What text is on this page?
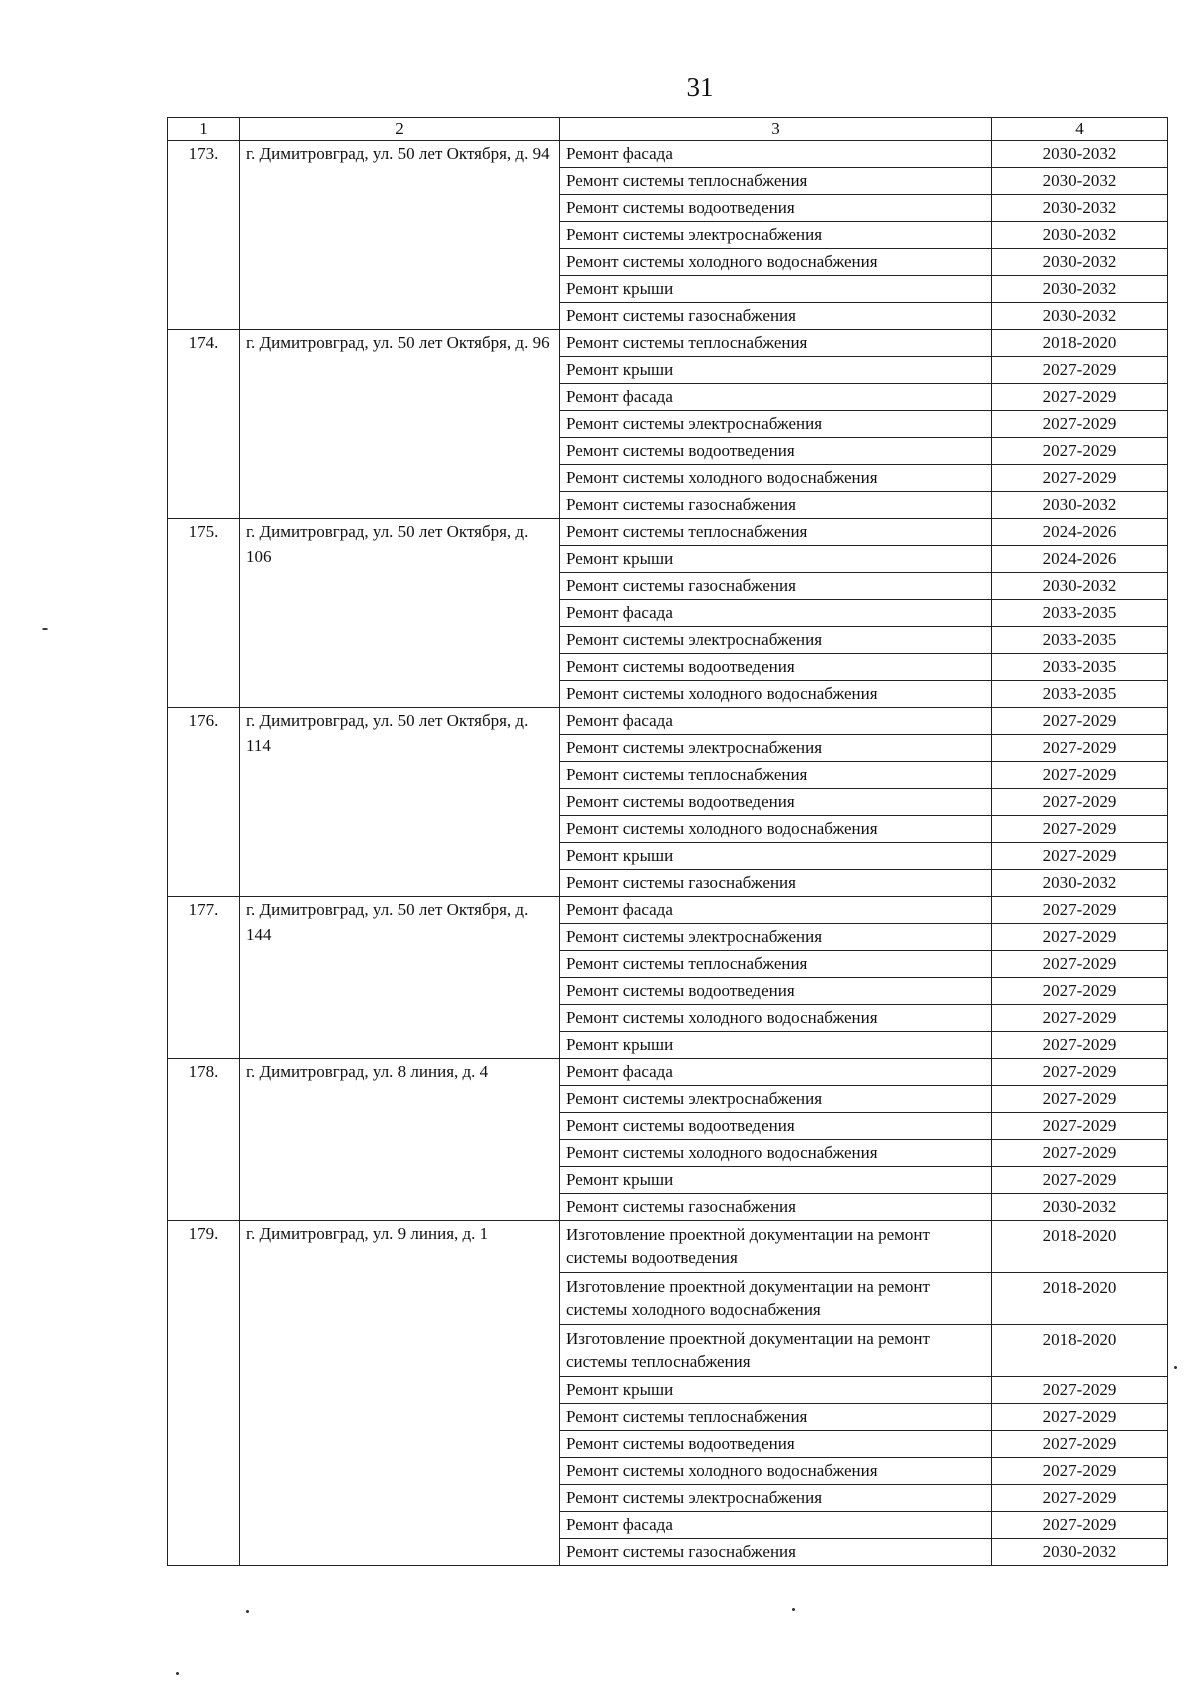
31
1	2	3	4
173.	г. Димитровград, ул. 50 лет Октября, д. 94	Ремонт фасада	2030-2032
		Ремонт системы теплоснабжения	2030-2032
		Ремонт системы водоотведения	2030-2032
		Ремонт системы электроснабжения	2030-2032
		Ремонт системы холодного водоснабжения	2030-2032
		Ремонт крыши	2030-2032
		Ремонт системы газоснабжения	2030-2032
174.	г. Димитровград, ул. 50 лет Октября, д. 96	Ремонт системы теплоснабжения	2018-2020
		Ремонт крыши	2027-2029
		Ремонт фасада	2027-2029
		Ремонт системы электроснабжения	2027-2029
		Ремонт системы водоотведения	2027-2029
		Ремонт системы холодного водоснабжения	2027-2029
		Ремонт системы газоснабжения	2030-2032
175.	г. Димитровград, ул. 50 лет Октября, д. 106	Ремонт системы теплоснабжения	2024-2026
		Ремонт крыши	2024-2026
		Ремонт системы газоснабжения	2030-2032
		Ремонт фасада	2033-2035
		Ремонт системы электроснабжения	2033-2035
		Ремонт системы водоотведения	2033-2035
		Ремонт системы холодного водоснабжения	2033-2035
176.	г. Димитровград, ул. 50 лет Октября, д. 114	Ремонт фасада	2027-2029
		Ремонт системы электроснабжения	2027-2029
		Ремонт системы теплоснабжения	2027-2029
		Ремонт системы водоотведения	2027-2029
		Ремонт системы холодного водоснабжения	2027-2029
		Ремонт крыши	2027-2029
		Ремонт системы газоснабжения	2030-2032
177.	г. Димитровград, ул. 50 лет Октября, д. 144	Ремонт фасада	2027-2029
		Ремонт системы электроснабжения	2027-2029
		Ремонт системы теплоснабжения	2027-2029
		Ремонт системы водоотведения	2027-2029
		Ремонт системы холодного водоснабжения	2027-2029
		Ремонт крыши	2027-2029
178.	г. Димитровград, ул. 8 линия, д. 4	Ремонт фасада	2027-2029
		Ремонт системы электроснабжения	2027-2029
		Ремонт системы водоотведения	2027-2029
		Ремонт системы холодного водоснабжения	2027-2029
		Ремонт крыши	2027-2029
		Ремонт системы газоснабжения	2030-2032
179.	г. Димитровград, ул. 9 линия, д. 1	Изготовление проектной документации на ремонт системы водоотведения	2018-2020
		Изготовление проектной документации на ремонт системы холодного водоснабжения	2018-2020
		Изготовление проектной документации на ремонт системы теплоснабжения	2018-2020
		Ремонт крыши	2027-2029
		Ремонт системы теплоснабжения	2027-2029
		Ремонт системы водоотведения	2027-2029
		Ремонт системы холодного водоснабжения	2027-2029
		Ремонт системы электроснабжения	2027-2029
		Ремонт фасада	2027-2029
		Ремонт системы газоснабжения	2030-2032
